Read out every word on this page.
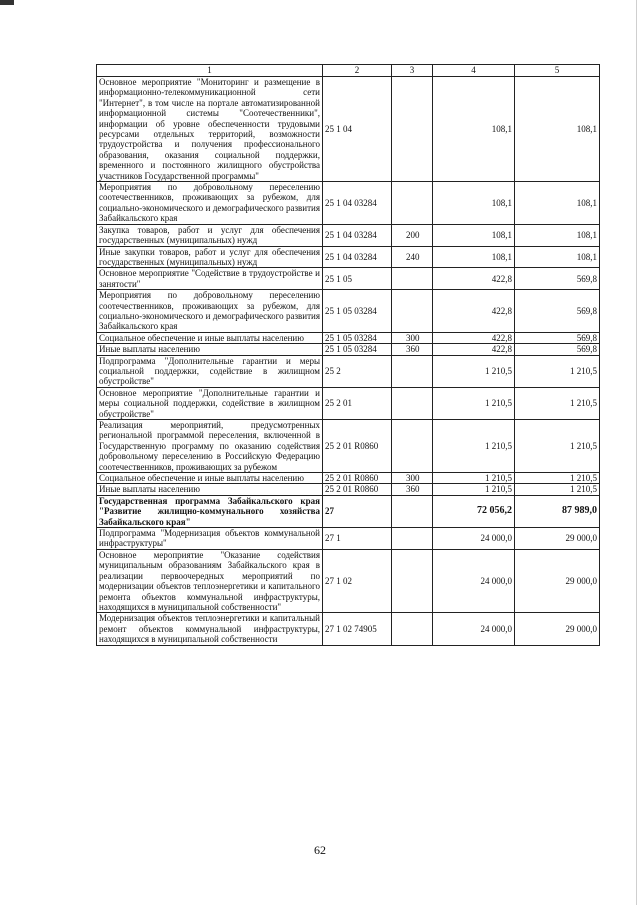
1	2	3	4	5
Основное мероприятие "Мониторинг и размещение в информационно-телекоммуникационной сети "Интернет", в том числе на портале автоматизированной информационной системы "Соотечественники", информации об уровне обеспеченности трудовыми ресурсами отдельных территорий, возможности трудоустройства и получения профессионального образования, оказания социальной поддержки, временного и постоянного жилищного обустройства участников Государственной программы"	25 1 04		108,1	108,1
Мероприятия по добровольному переселению соотечественников, проживающих за рубежом, для социально-экономического и демографического развития Забайкальского края	25 1 04 03284		108,1	108,1
Закупка товаров, работ и услуг для обеспечения государственных (муниципальных) нужд	25 1 04 03284	200	108,1	108,1
Иные закупки товаров, работ и услуг для обеспечения государственных (муниципальных) нужд	25 1 04 03284	240	108,1	108,1
Основное мероприятие "Содействие в трудоустройстве и занятости"	25 1 05		422,8	569,8
Мероприятия по добровольному переселению соотечественников, проживающих за рубежом, для социально-экономического и демографического развития Забайкальского края	25 1 05 03284		422,8	569,8
Социальное обеспечение и иные выплаты населению	25 1 05 03284	300	422,8	569,8
Иные выплаты населению	25 1 05 03284	360	422,8	569,8
Подпрограмма "Дополнительные гарантии и меры социальной поддержки, содействие в жилищном обустройстве"	25 2		1 210,5	1 210,5
Основное мероприятие "Дополнительные гарантии и меры социальной поддержки, содействие в жилищном обустройстве"	25 2 01		1 210,5	1 210,5
Реализация мероприятий, предусмотренных региональной программой переселения, включенной в Государственную программу по оказанию содействия добровольному переселению в Российскую Федерацию соотечественников, проживающих за рубежом	25 2 01 R0860		1 210,5	1 210,5
Социальное обеспечение и иные выплаты населению	25 2 01 R0860	300	1 210,5	1 210,5
Иные выплаты населению	25 2 01 R0860	360	1 210,5	1 210,5
Государственная программа Забайкальского края "Развитие жилищно-коммунального хозяйства Забайкальского края"	27		72 056,2	87 989,0
Подпрограмма "Модернизация объектов коммунальной инфраструктуры"	27 1		24 000,0	29 000,0
Основное мероприятие "Оказание содействия муниципальным образованиям Забайкальского края в реализации первоочередных мероприятий по модернизации объектов теплоэнергетики и капитального ремонта объектов коммунальной инфраструктуры, находящихся в муниципальной собственности"	27 1 02		24 000,0	29 000,0
Модернизация объектов теплоэнергетики и капитальный ремонт объектов коммунальной инфраструктуры, находящихся в муниципальной собственности	27 1 02 74905		24 000,0	29 000,0
62
